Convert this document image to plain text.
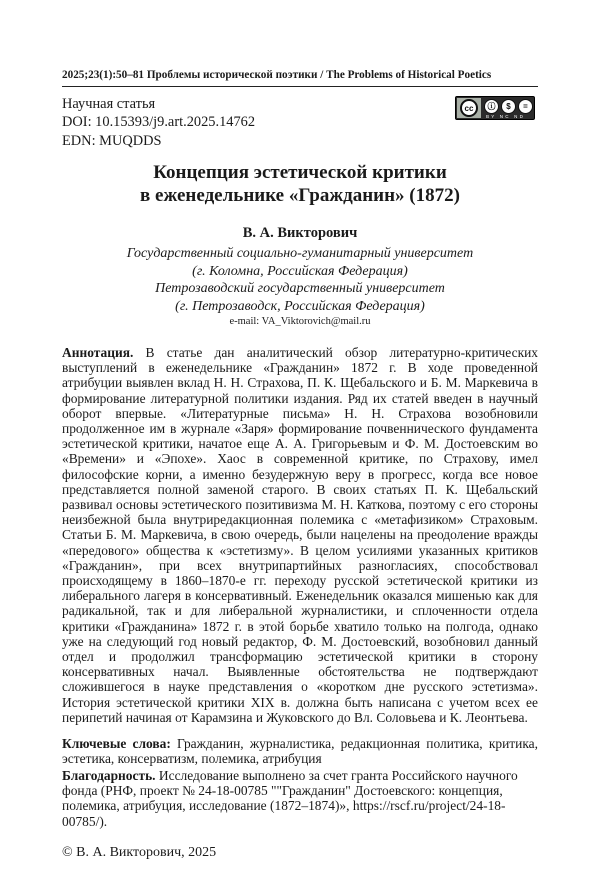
2025;23(1):50–81 Проблемы исторической поэтики / The Problems of Historical Poetics
Научная статья
DOI: 10.15393/j9.art.2025.14762
EDN: MUQDDS
cc	ⓘ	$	=
BY NC ND
Концепция эстетической критики
в еженедельнике «Гражданин» (1872)
В. А. Викторович
Государственный социально-гуманитарный университет
(г. Коломна, Российская Федерация)
Петрозаводский государственный университет
(г. Петрозаводск, Российская Федерация)
e-mail: VA_Viktorovich@mail.ru
Аннотация. В статье дан аналитический обзор литературно-критических выступлений в еженедельнике «Гражданин» 1872 г. В ходе проведенной атрибуции выявлен вклад Н. Н. Страхова, П. К. Щебальского и Б. М. Маркевича в формирование литературной политики издания. Ряд их статей введен в научный оборот впервые. «Литературные письма» Н. Н. Страхова возобновили продолженное им в журнале «Заря» формирование почвеннического фундамента эстетической критики, начатое еще А. А. Григорьевым и Ф. М. Достоевским во «Времени» и «Эпохе». Хаос в современной критике, по Страхову, имел философские корни, а именно безудержную веру в прогресс, когда все новое представляется полной заменой старого. В своих статьях П. К. Щебальский развивал основы эстетического позитивизма М. Н. Каткова, поэтому с его стороны неизбежной была внутриредакционная полемика с «метафизиком» Страховым. Статьи Б. М. Маркевича, в свою очередь, были нацелены на преодоление вражды «передового» общества к «эстетизму». В целом усилиями указанных критиков «Гражданин», при всех внутрипартийных разногласиях, способствовал происходящему в 1860–1870-е гг. переходу русской эстетической критики из либерального лагеря в консервативный. Еженедельник оказался мишенью как для радикальной, так и для либеральной журналистики, и сплоченности отдела критики «Гражданина» 1872 г. в этой борьбе хватило только на полгода, однако уже на следующий год новый редактор, Ф. М. Достоевский, возобновил данный отдел и продолжил трансформацию эстетической критики в сторону консервативных начал. Выявленные обстоятельства не подтверждают сложившегося в науке представления о «коротком дне русского эстетизма». История эстетической критики XIX в. должна быть написана с учетом всех ее перипетий начиная от Карамзина и Жуковского до Вл. Соловьева и К. Леонтьева.
Ключевые слова: Гражданин, журналистика, редакционная политика, критика, эстетика, консерватизм, полемика, атрибуция
Благодарность. Исследование выполнено за счет гранта Российского научного фонда (РНФ, проект № 24-18-00785 ""Гражданин" Достоевского: концепция, полемика, атрибуция, исследование (1872–1874)», https://rscf.ru/project/24-18-00785/).
© В. А. Викторович, 2025
